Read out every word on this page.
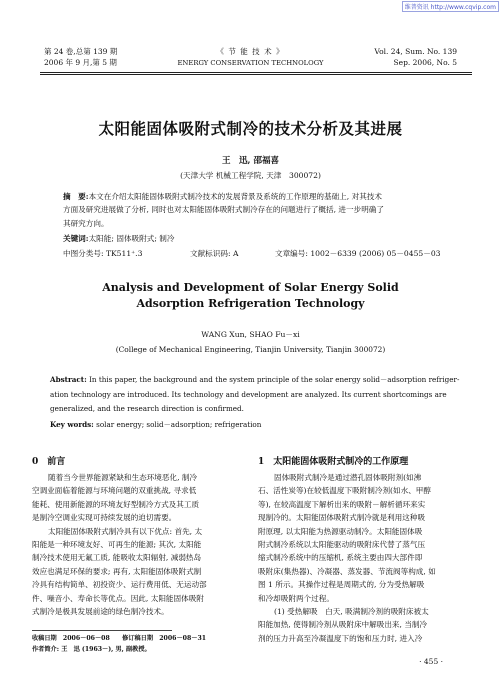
维普资讯 http://www.cqvip.com
第 24 卷,总第 139 期
2006 年 9 月,第 5 期
《 节 能 技 术 》
ENERGY CONSERVATION TECHNOLOGY
Vol. 24, Sum. No. 139
Sep. 2006, No. 5
太阳能固体吸附式制冷的技术分析及其进展
王　迅, 邵福喜
(天津大学 机械工程学院, 天津　300072)
摘　要:本文在介绍太阳能固体吸附式制冷技术的发展背景及系统的工作原理的基础上, 对其技术
方面及研究进展做了分析, 同时也对太阳能固体吸附式制冷存在的问题进行了概括, 进一步明确了
其研究方向。
关键词:太阳能; 固体吸附式; 制冷
中图分类号: TK511⁺.3	文献标识码: A	文章编号: 1002－6339 (2006) 05－0455－03
Analysis and Development of Solar Energy Solid
Adsorption Refrigeration Technology
WANG Xun, SHAO Fu－xi
(College of Mechanical Engineering, Tianjin University, Tianjin 300072)
Abstract: In this paper, the background and the system principle of the solar energy solid－adsorption refriger-
ation technology are introduced. Its technology and development are analyzed. Its current shortcomings are
generalized, and the research direction is confirmed.
Key words: solar energy; solid－adsorption; refrigeration
0　前言
随着当今世界能源紧缺和生态环境恶化, 制冷
空调业面临着能源与环境问题的双重挑战, 寻求低
能耗、使用新能源的环境友好型制冷方式及其工质
是制冷空调业实现可持续发展的迫切需要。
太阳能固体吸附式制冷具有以下优点: 首先, 太
阳能是一种环境友好、可再生的能源; 其次, 太阳能
制冷技术使用无氟工质, 能吸收太阳辐射, 减弱热岛
效应也满足环保的要求; 再有, 太阳能固体吸附式制
冷具有结构简单、初投资少、运行费用低、无运动部
件、噪音小、寿命长等优点。因此, 太阳能固体吸附
式制冷是极具发展前途的绿色制冷技术。
1　太阳能固体吸附式制冷的工作原理
固体吸附式制冷是通过潜孔固体吸附剂(如沸
石、活性炭等)在较低温度下吸附制冷剂(如水、甲醇
等), 在较高温度下解析出来的吸附－解析循环来实
现制冷的。太阳能固体吸附式制冷就是利用这种吸
附原理, 以太阳能为热源驱动制冷。太阳能固体吸
附式制冷系统以太阳能驱动的吸附床代替了蒸气压
缩式制冷系统中的压缩机, 系统主要由四大部件即
吸附床(集热器)、冷凝器、蒸发器、节流阀等构成, 如
图 1 所示。其操作过程是周期式的, 分为受热解吸
和冷却吸附两个过程。
(1) 受热解吸　白天, 吸满制冷剂的吸附床被太
阳能加热, 使得制冷剂从吸附床中解吸出来, 当制冷
剂的压力升高至冷凝温度下的饱和压力时, 进入冷
收稿日期　2006－06－08　　修订稿日期　2006－08－31
作者简介: 王　迅 (1963－), 男, 副教授。
· 455 ·
